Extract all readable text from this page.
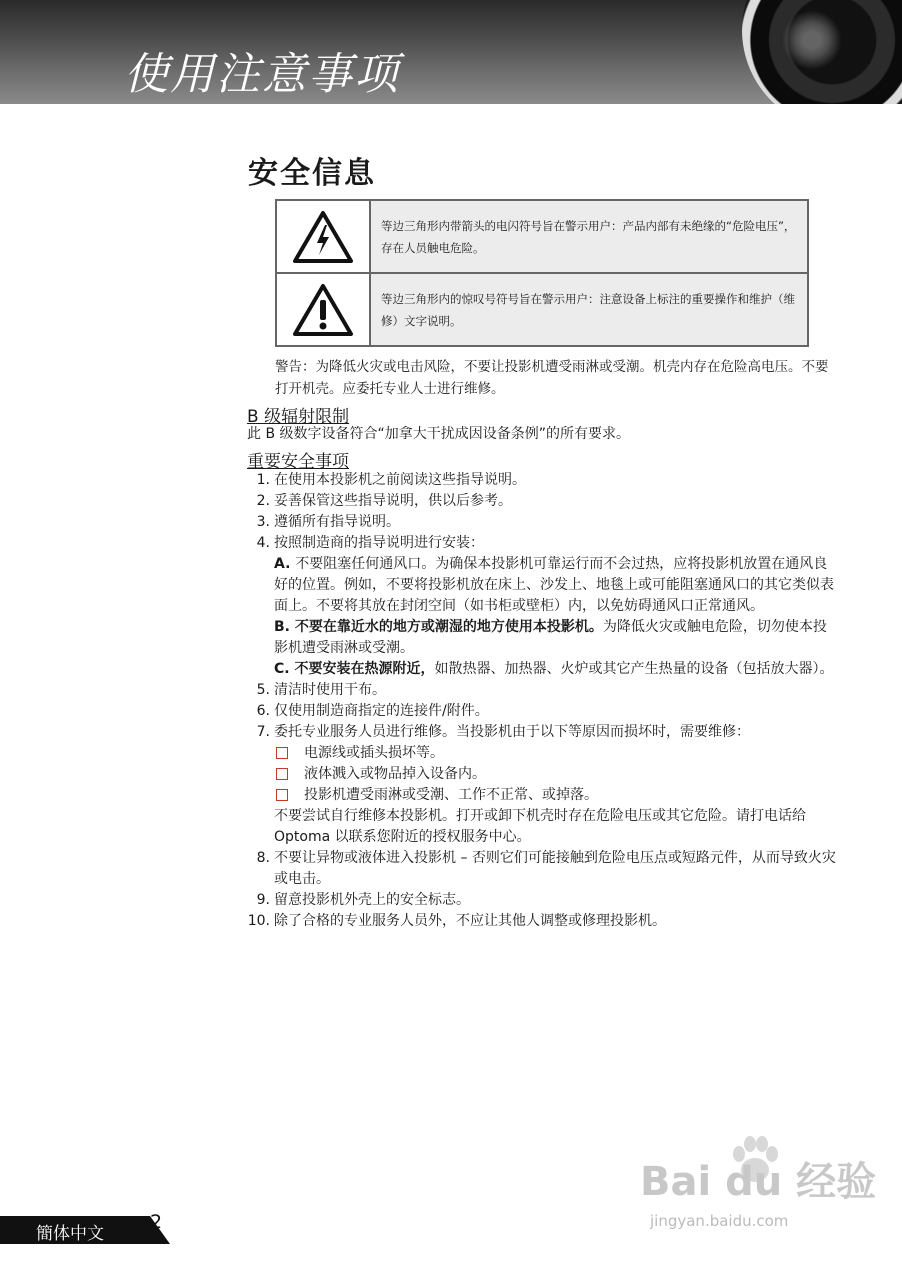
使用注意事项
安全信息
等边三角形内带箭头的电闪符号旨在警示用户：产品内部有未绝缘的“危险电压”，存在人员触电危险。
等边三角形内的惊叹号符号旨在警示用户：注意设备上标注的重要操作和维护（维修）文字说明。
警告：为降低火灾或电击风险，不要让投影机遭受雨淋或受潮。机壳内存在危险高电压。不要打开机壳。应委托专业人士进行维修。
B 级辐射限制
此 B 级数字设备符合“加拿大干扰成因设备条例”的所有要求。
重要安全事项
1. 在使用本投影机之前阅读这些指导说明。
2. 妥善保管这些指导说明，供以后参考。
3. 遵循所有指导说明。
4. 按照制造商的指导说明进行安装：
A. 不要阻塞任何通风口。为确保本投影机可靠运行而不会过热，应将投影机放置在通风良好的位置。例如，不要将投影机放在床上、沙发上、地毯上或可能阻塞通风口的其它类似表面上。不要将其放在封闭空间（如书柜或壁柜）内，以免妨碍通风口正常通风。
B. 不要在靠近水的地方或潮湿的地方使用本投影机。为降低火灾或触电危险，切勿使本投影机遭受雨淋或受潮。
C. 不要安装在热源附近，如散热器、加热器、火炉或其它产生热量的设备（包括放大器）。
5. 清洁时使用干布。
6. 仅使用制造商指定的连接件/附件。
7. 委托专业服务人员进行维修。当投影机由于以下等原因而损坏时，需要维修：
电源线或插头损坏等。
液体溅入或物品掉入设备内。
投影机遭受雨淋或受潮、工作不正常、或掉落。
不要尝试自行维修本投影机。打开或卸下机壳时存在危险电压或其它危险。请打电话给 Optoma 以联系您附近的授权服务中心。
8. 不要让异物或液体进入投影机 – 否则它们可能接触到危险电压点或短路元件，从而导致火灾或电击。
9. 留意投影机外壳上的安全标志。
10. 除了合格的专业服务人员外，不应让其他人调整或修理投影机。
Bai du 经验
jingyan.baidu.com
簡体中文
2
